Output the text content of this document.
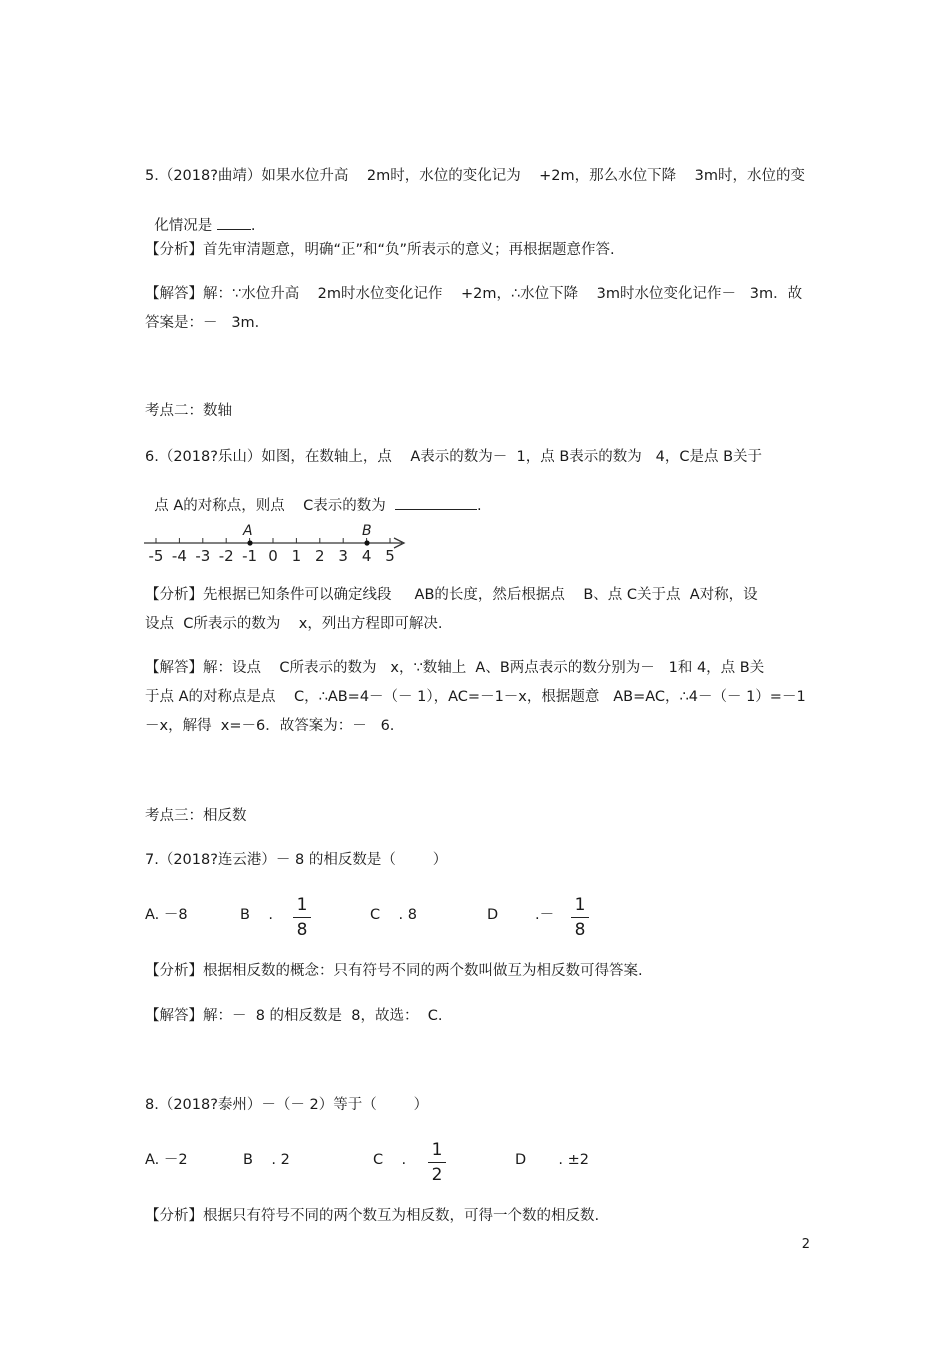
5.（2018?曲靖）如果水位升高    2m时，水位的变化记为    +2m，那么水位下降    3m时，水位的变

化情况是 .

【分析】首先审清题意，明确“正”和“负”所表示的意义；再根据题意作答.
【解答】解：∵水位升高    2m时水位变化记作    +2m，∴水位下降    3m时水位变化记作－   3m．故
答案是：－   3m．
考点二：数轴
6.（2018?乐山）如图，在数轴上，点    A表示的数为－  1，点 B表示的数为   4，C是点 B关于

点 A的对称点，则点    C表示的数为	.

-5 -4 -3 -2 -1 0 1 2 3 4 5
A	B
【分析】先根据已知条件可以确定线段     AB的长度，然后根据点    B、点 C关于点  A对称，设
设点  C所表示的数为    x，列出方程即可解决.
【解答】解：设点    C所表示的数为   x，∵数轴上  A、B两点表示的数分别为－   1和 4，点 B关
于点 A的对称点是点    C，∴AB=4－（－ 1），AC=－1－x，根据题意   AB=AC，∴4－（－ 1）=－1
－x，解得  x=－6．故答案为：－   6.
考点三：相反数
7.（2018?连云港）－ 8 的相反数是（        ）
A. －8	B    . 1
8
C    . 8	D        .－ 1
8
【分析】根据相反数的概念：只有符号不同的两个数叫做互为相反数可得答案.
【解答】解：－  8 的相反数是  8，故选：  C.
8.（2018?泰州）－（－ 2）等于（        ）
A. －2	B    . 2	C    . 1
2
D       . ±2
【分析】根据只有符号不同的两个数互为相反数，可得一个数的相反数.
2
